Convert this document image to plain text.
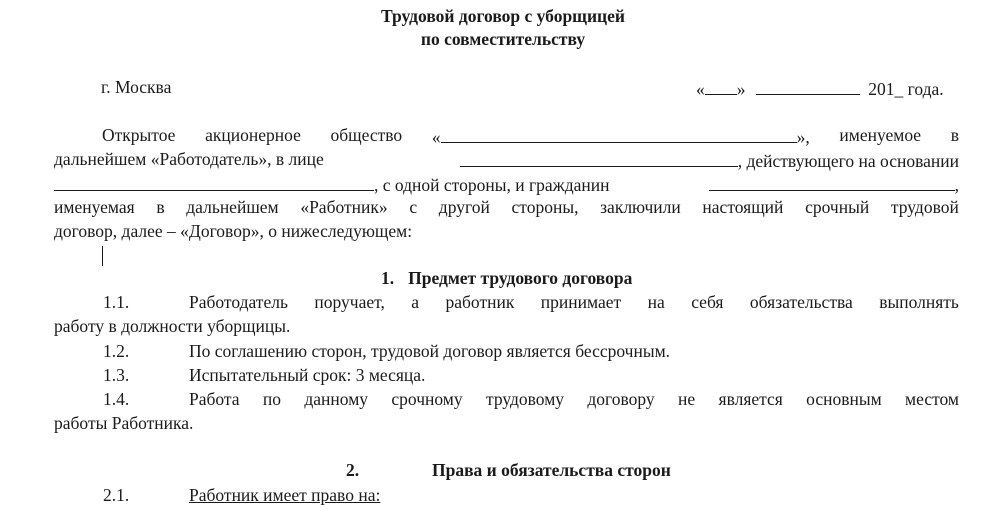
Трудовой договор с уборщицей
по совместительству
г. Москва	« »	201_ года.
Открытое акционерное общество «	», именуемое в
дальнейшем «Работодатель», в лице	, действующего на основании
, с одной стороны, и гражданин	,
именуемая в дальнейшем «Работник» с другой стороны, заключили настоящий срочный трудовой
договор, далее – «Договор», о нижеследующем:
1. Предмет трудового договора
1.1.	Работодатель поручает, а работник принимает на себя обязательства выполнять
работу в должности уборщицы.
1.2.	По соглашению сторон, трудовой договор является бессрочным.
1.3.	Испытательный срок: 3 месяца.
1.4.	Работа по данному срочному трудовому договору не является основным местом
работы Работника.
2.	Права и обязательства сторон
2.1.	Работник имеет право на:
